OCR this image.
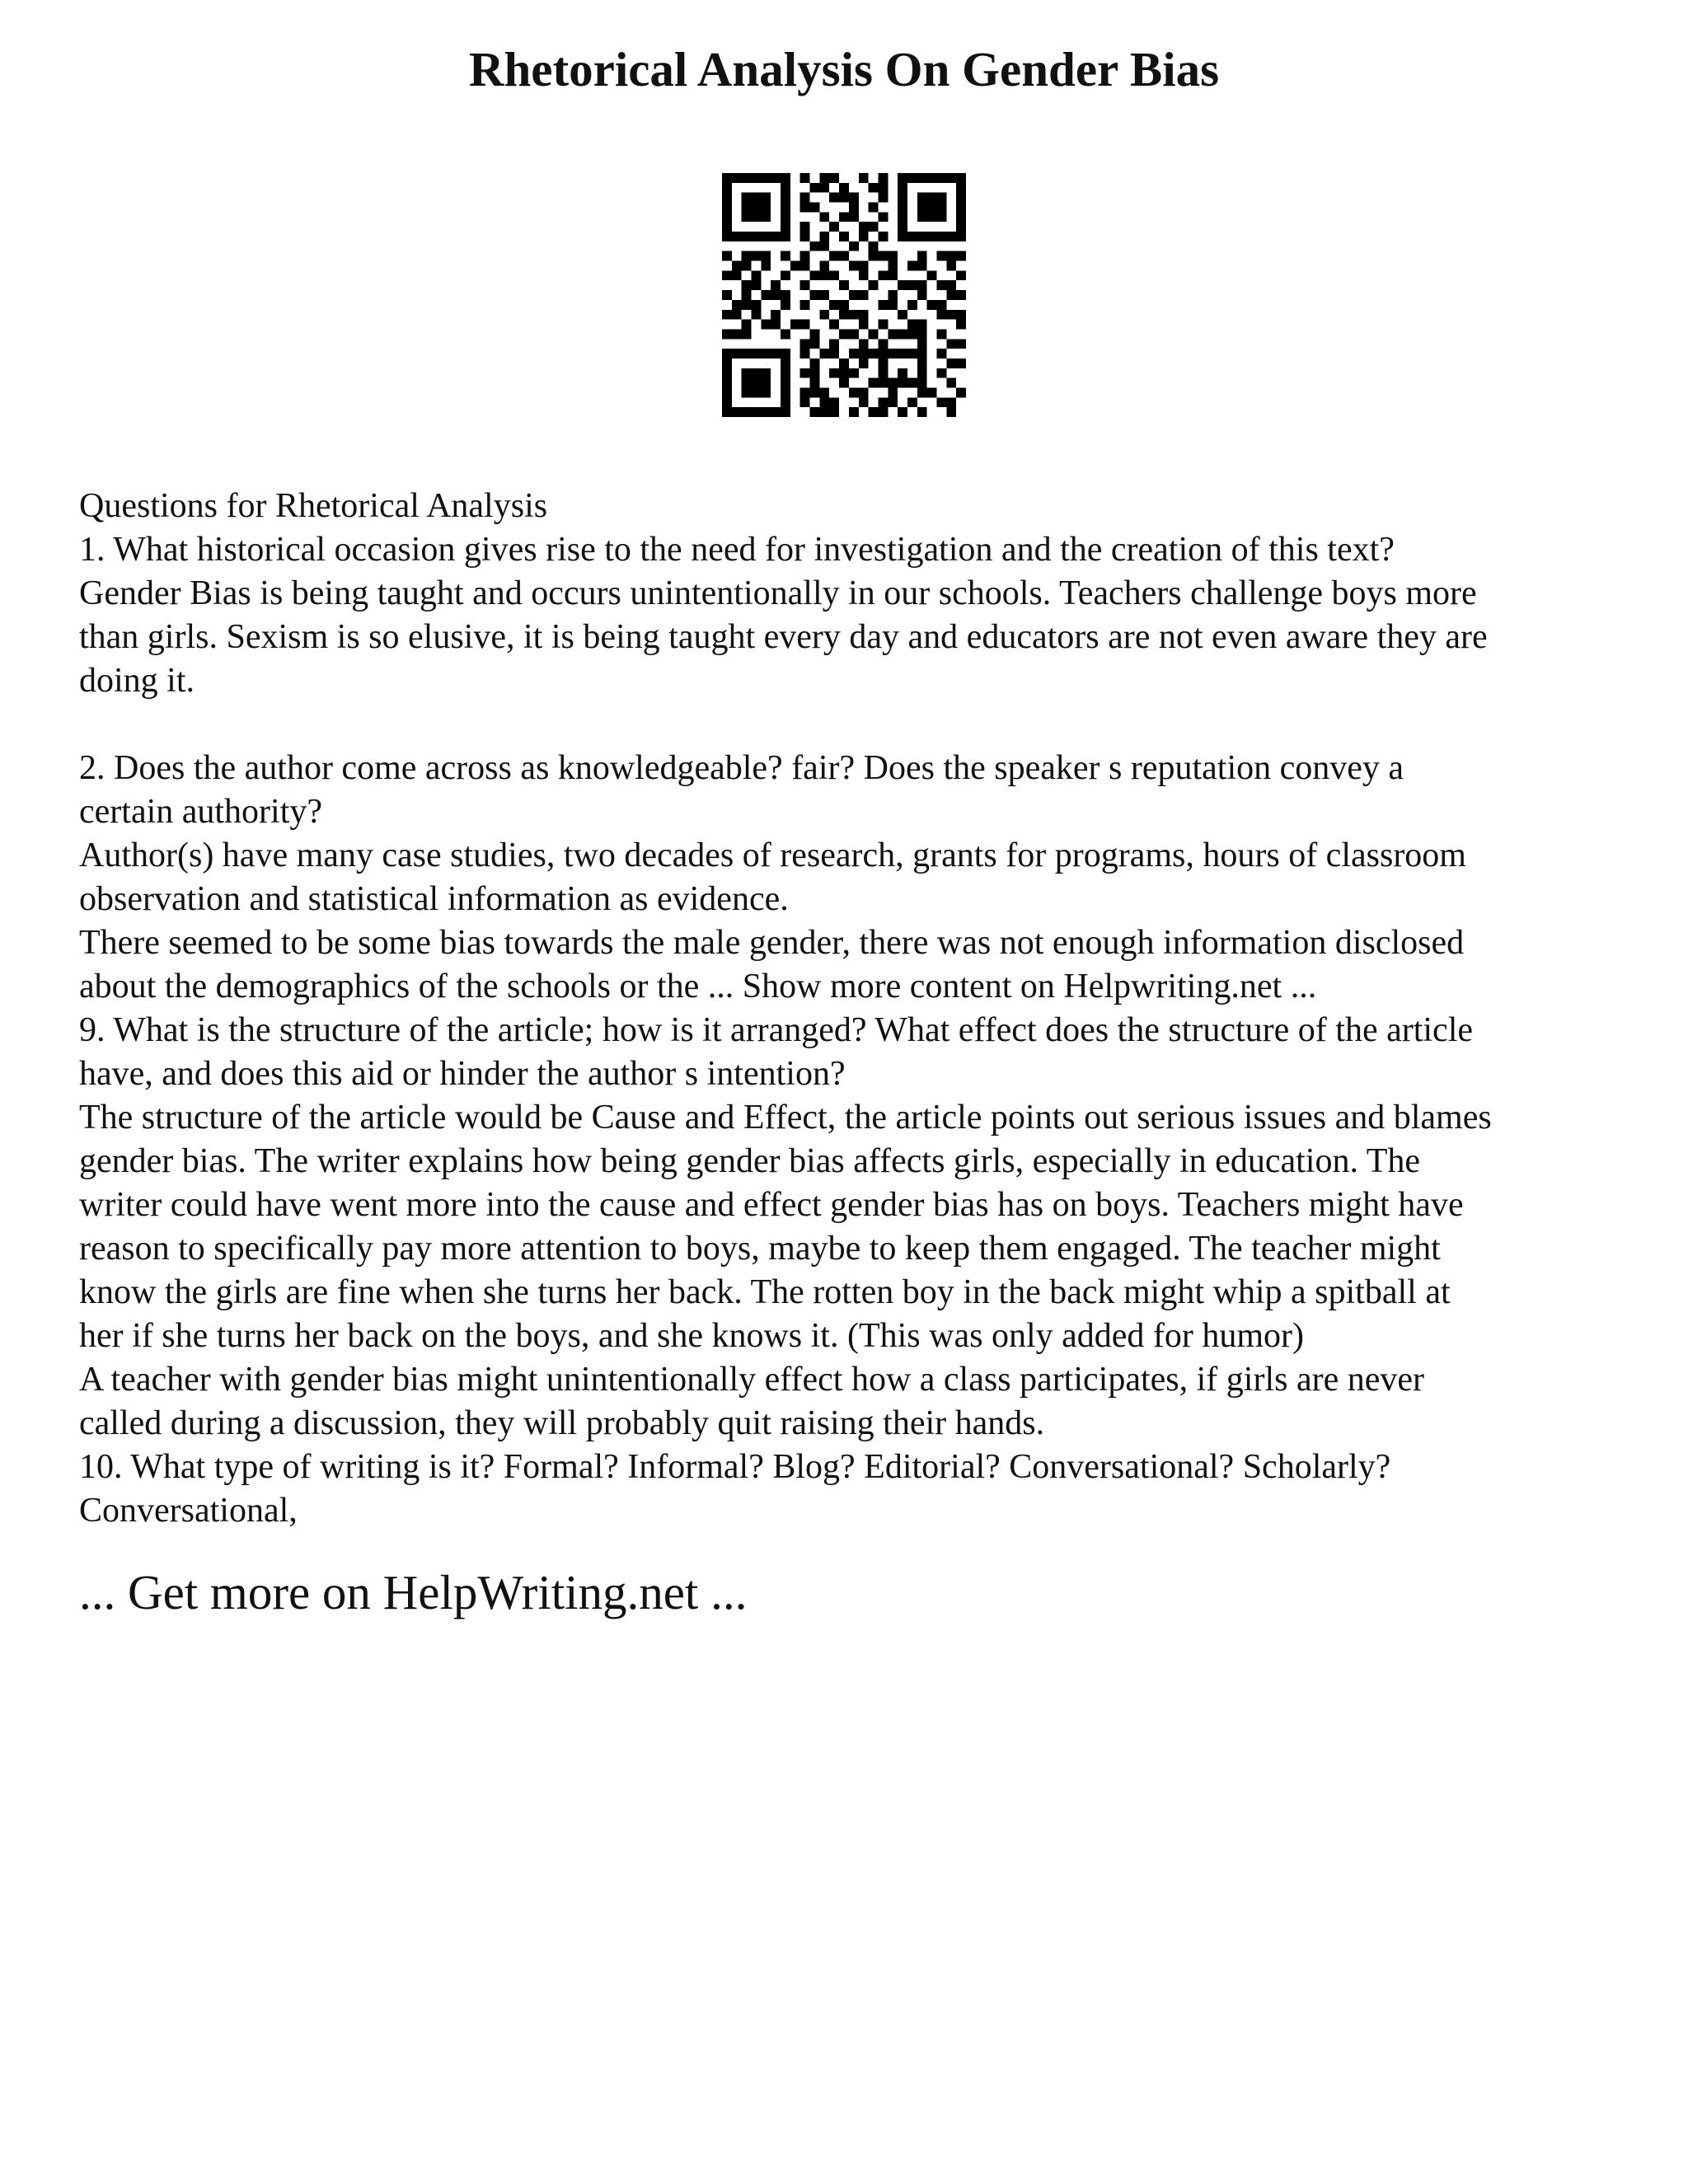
Rhetorical Analysis On Gender Bias
Questions for Rhetorical Analysis
1. What historical occasion gives rise to the need for investigation and the creation of this text?
Gender Bias is being taught and occurs unintentionally in our schools. Teachers challenge boys more
than girls. Sexism is so elusive, it is being taught every day and educators are not even aware they are
doing it.
2. Does the author come across as knowledgeable? fair? Does the speaker s reputation convey a
certain authority?
Author(s) have many case studies, two decades of research, grants for programs, hours of classroom
observation and statistical information as evidence.
There seemed to be some bias towards the male gender, there was not enough information disclosed
about the demographics of the schools or the ... Show more content on Helpwriting.net ...
9. What is the structure of the article; how is it arranged? What effect does the structure of the article
have, and does this aid or hinder the author s intention?
The structure of the article would be Cause and Effect, the article points out serious issues and blames
gender bias. The writer explains how being gender bias affects girls, especially in education. The
writer could have went more into the cause and effect gender bias has on boys. Teachers might have
reason to specifically pay more attention to boys, maybe to keep them engaged. The teacher might
know the girls are fine when she turns her back. The rotten boy in the back might whip a spitball at
her if she turns her back on the boys, and she knows it. (This was only added for humor)
A teacher with gender bias might unintentionally effect how a class participates, if girls are never
called during a discussion, they will probably quit raising their hands.
10. What type of writing is it? Formal? Informal? Blog? Editorial? Conversational? Scholarly?
Conversational,
... Get more on HelpWriting.net ...
